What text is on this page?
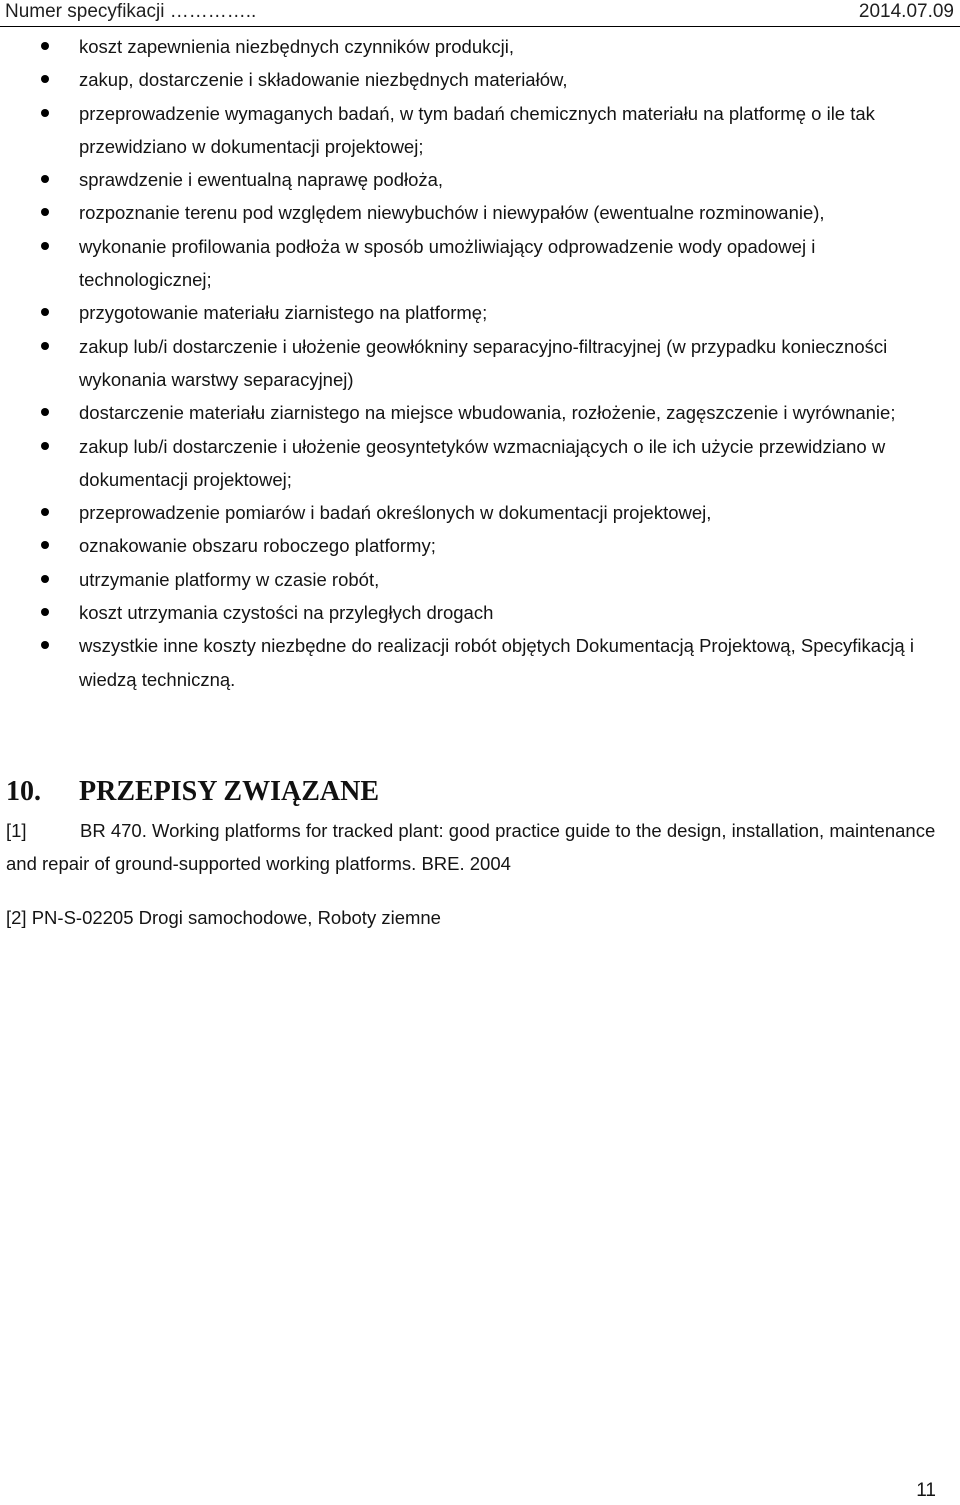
Numer specyfikacji …………..	2014.07.09
koszt zapewnienia niezbędnych czynników produkcji,
zakup, dostarczenie i składowanie niezbędnych materiałów,
przeprowadzenie wymaganych badań, w tym badań chemicznych materiału na platformę o ile tak przewidziano w dokumentacji projektowej;
sprawdzenie i ewentualną naprawę podłoża,
rozpoznanie terenu pod względem niewybuchów i niewypałów (ewentualne rozminowanie),
wykonanie profilowania podłoża w sposób umożliwiający odprowadzenie wody opadowej i technologicznej;
przygotowanie materiału ziarnistego na platformę;
zakup lub/i dostarczenie i ułożenie geowłókniny separacyjno-filtracyjnej (w przypadku konieczności wykonania warstwy separacyjnej)
dostarczenie materiału ziarnistego na miejsce wbudowania, rozłożenie, zagęszczenie i wyrównanie;
zakup lub/i dostarczenie i ułożenie geosyntetyków wzmacniających o ile ich użycie przewidziano w dokumentacji projektowej;
przeprowadzenie pomiarów i badań określonych w dokumentacji projektowej,
oznakowanie obszaru roboczego platformy;
utrzymanie platformy w czasie robót,
koszt utrzymania czystości na przyległych drogach
wszystkie inne koszty niezbędne do realizacji robót objętych Dokumentacją Projektową, Specyfikacją i wiedzą techniczną.
10. PRZEPISY ZWIĄZANE
[1]	BR 470. Working platforms for tracked plant: good practice guide to the design, installation, maintenance and repair of ground-supported working platforms. BRE. 2004
[2] PN-S-02205 Drogi samochodowe, Roboty ziemne
11
